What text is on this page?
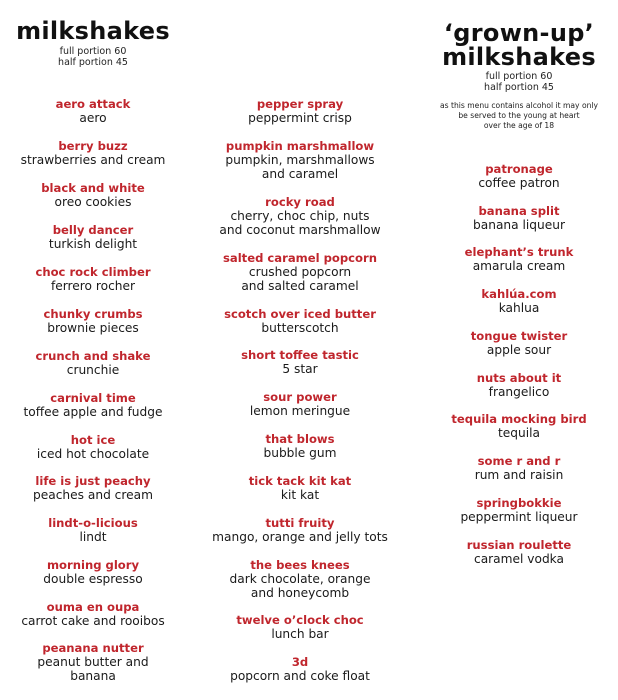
milkshakes
full portion 60
half portion 45
aero attack
aero
berry buzz
strawberries and cream
black and white
oreo cookies
belly dancer
turkish delight
choc rock climber
ferrero rocher
chunky crumbs
brownie pieces
crunch and shake
crunchie
carnival time
toffee apple and fudge
hot ice
iced hot chocolate
life is just peachy
peaches and cream
lindt-o-licious
lindt
morning glory
double espresso
ouma en oupa
carrot cake and rooibos
peanana nutter
peanut butter and
banana
pepper spray
peppermint crisp
pumpkin marshmallow
pumpkin, marshmallows
and caramel
rocky road
cherry, choc chip, nuts
and coconut marshmallow
salted caramel popcorn
crushed popcorn
and salted caramel
scotch over iced butter
butterscotch
short toffee tastic
5 star
sour power
lemon meringue
that blows
bubble gum
tick tack kit kat
kit kat
tutti fruity
mango, orange and jelly tots
the bees knees
dark chocolate, orange
and honeycomb
twelve o’clock choc
lunch bar
3d
popcorn and coke float
‘grown-up’
milkshakes
full portion 60
half portion 45
as this menu contains alcohol it may only
be served to the young at heart
over the age of 18
patronage
coffee patron
banana split
banana liqueur
elephant’s trunk
amarula cream
kahlúa.com
kahlua
tongue twister
apple sour
nuts about it
frangelico
tequila mocking bird
tequila
some r and r
rum and raisin
springbokkie
peppermint liqueur
russian roulette
caramel vodka
